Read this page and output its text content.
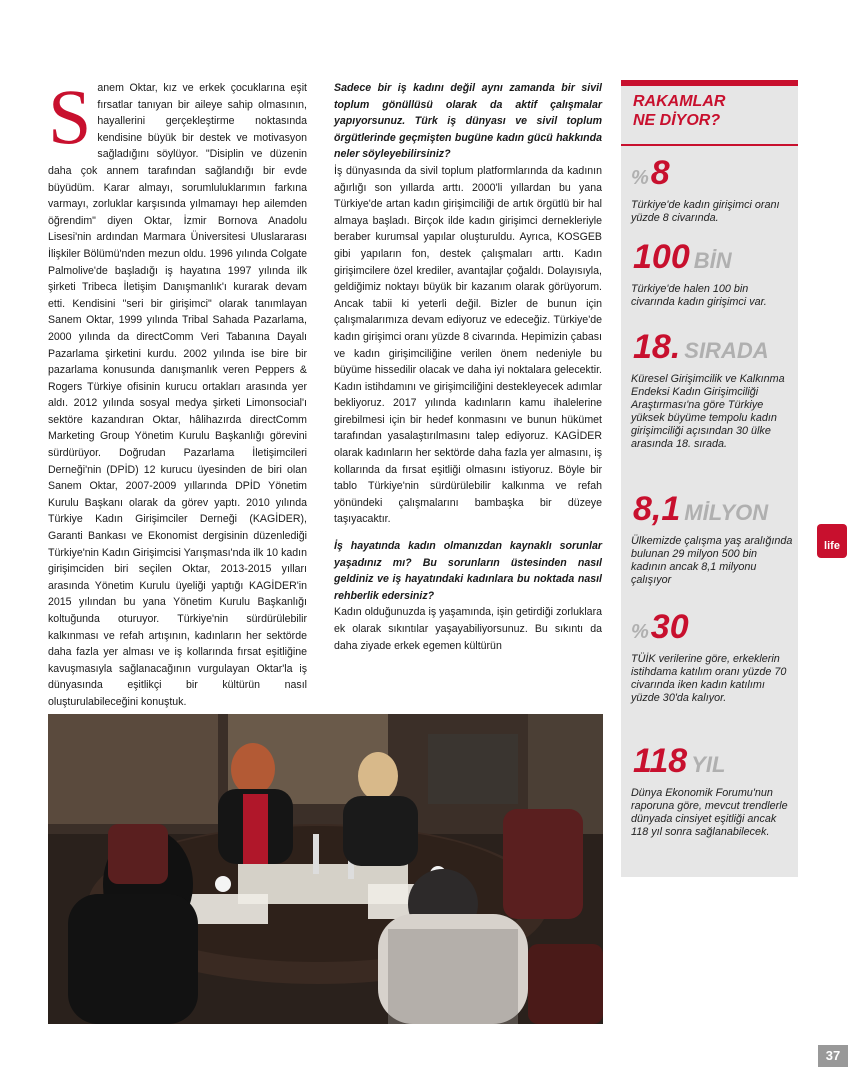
S anem Oktar, kız ve erkek çocuklarına eşit fırsatlar tanıyan bir aileye sahip olmasının, hayallerini gerçekleştirme noktasında kendisine büyük bir destek ve motivasyon sağladığını söylüyor. "Disiplin ve düzenin daha çok annem tarafından sağlandığı bir evde büyüdüm. Karar almayı, sorumluluklarımın farkına varmayı, zorluklar karşısında yılmamayı hep ailemden öğrendim" diyen Oktar, İzmir Bornova Anadolu Lisesi'nin ardından Marmara Üniversitesi Uluslararası İlişkiler Bölümü'nden mezun oldu. 1996 yılında Colgate Palmolive'de başladığı iş hayatına 1997 yılında ilk şirketi Tribeca İletişim Danışmanlık'ı kurarak devam etti. Kendisini "seri bir girişimci" olarak tanımlayan Sanem Oktar, 1999 yılında Tribal Sahada Pazarlama, 2000 yılında da directComm Veri Tabanına Dayalı Pazarlama şirketini kurdu. 2002 yılında ise bire bir pazarlama konusunda danışmanlık veren Peppers & Rogers Türkiye ofisinin kurucu ortakları arasında yer aldı. 2012 yılında sosyal medya şirketi Limonsocial'ı sektöre kazandıran Oktar, hâlihazırda directComm Marketing Group Yönetim Kurulu Başkanlığı görevini sürdürüyor. Doğrudan Pazarlama İletişimcileri Derneği'nin (DPİD) 12 kurucu üyesinden de biri olan Sanem Oktar, 2007-2009 yıllarında DPİD Yönetim Kurulu Başkanı olarak da görev yaptı. 2010 yılında Türkiye Kadın Girişimciler Derneği (KAGİDER), Garanti Bankası ve Ekonomist dergisinin düzenlediği Türkiye'nin Kadın Girişimcisi Yarışması'nda ilk 10 kadın girişimciden biri seçilen Oktar, 2013-2015 yılları arasında Yönetim Kurulu üyeliği yaptığı KAGİDER'in 2015 yılından bu yana Yönetim Kurulu Başkanlığı koltuğunda oturuyor. Türkiye'nin sürdürülebilir kalkınması ve refah artışının, kadınların her sektörde daha fazla yer alması ve iş kollarında fırsat eşitliğine kavuşmasıyla sağlanacağının vurgulayan Oktar'la iş dünyasında eşitlikçi bir kültürün nasıl oluşturulabileceğini konuştuk.

Sadece bir iş kadını değil aynı zamanda bir sivil toplum gönüllüsü olarak da aktif çalışmalar yapıyorsunuz. Türk iş dünyası ve sivil toplum örgütlerinde geçmişten bugüne kadın gücü hakkında neler söyleyebilirsiniz?

İş dünyasında da sivil toplum platformlarında da kadının ağırlığı son yıllarda arttı. 2000'li yıllardan bu yana Türkiye'de artan kadın girişimciliği de artık örgütlü bir hal almaya başladı. Birçok ilde kadın girişimci dernekleriyle beraber kurumsal yapılar oluşturuldu. Ayrıca, KOSGEB gibi yapıların fon, destek çalışmaları arttı. Kadın girişimcilere özel krediler, avantajlar çoğaldı. Dolayısıyla, geldiğimiz noktayı büyük bir kazanım olarak görüyorum. Ancak tabii ki yeterli değil. Bizler de bunun için çalışmalarımıza devam ediyoruz ve edeceğiz. Türkiye'de kadın girişimci oranı yüzde 8 civarında. Hepimizin çabası ve kadın girişimciliğine verilen önem nedeniyle bu büyüme hissedilir olacak ve daha iyi noktalara gelecektir. Kadın istihdamını ve girişimciliğini destekleyecek adımlar bekliyoruz. 2017 yılında kadınların kamu ihalelerine girebilmesi için bir hedef konmasını ve bunun hükümet tarafından yasalaştırılmasını talep ediyoruz. KAGİDER olarak kadınların her sektörde daha fazla yer almasını, iş kollarında da fırsat eşitliği olmasını istiyoruz. Böyle bir tablo Türkiye'nin sürdürülebilir kalkınma ve refah yönündeki çalışmalarını bambaşka bir düzeye taşıyacaktır.

İş hayatında kadın olmanızdan kaynaklı sorunlar yaşadınız mı? Bu sorunların üstesinden nasıl geldiniz ve iş hayatındaki kadınlara bu noktada nasıl rehberlik edersiniz?

Kadın olduğunuzda iş yaşamında, işin getirdiği zorluklara ek olarak sıkıntılar yaşayabiliyorsunuz. Bu sıkıntı da daha ziyade erkek egemen kültürün

RAKAMLAR
NE DİYOR?
%8
Türkiye'de kadın girişimci oranı yüzde 8 civarında.
100 BİN
Türkiye'de halen 100 bin civarında kadın girişimci var.
18. SIRADA
Küresel Girişimcilik ve Kalkınma Endeksi Kadın Girişimciliği Araştırması'na göre Türkiye yüksek büyüme tempolu kadın girişimciliği açısından 30 ülke arasında 18. sırada.
8,1 MİLYON
Ülkemizde çalışma yaş aralığında bulunan 29 milyon 500 bin kadının ancak 8,1 milyonu çalışıyor
%30
TÜİK verilerine göre, erkeklerin istihdama katılım oranı yüzde 70 civarında iken kadın katılımı yüzde 30'da kalıyor.
118 YIL
Dünya Ekonomik Forumu'nun raporuna göre, mevcut trendlerle dünyada cinsiyet eşitliği ancak 118 yıl sonra sağlanabilecek.
life
37
